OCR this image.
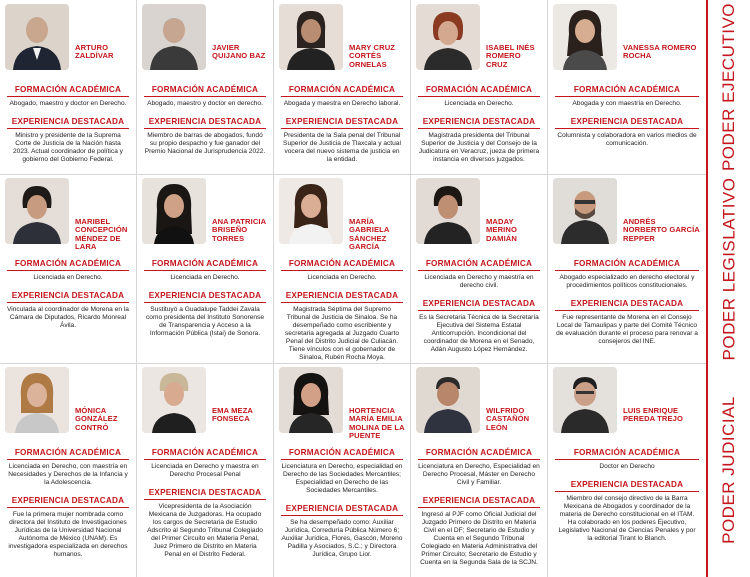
ARTURO ZALDÍVAR
FORMACIÓN ACADÉMICA
Abogado, maestro y doctor en Derecho.
EXPERIENCIA DESTACADA
Ministro y presidente de la Suprema Corte de Justicia de la Nación hasta 2023. Actual coordinador de política y gobierno del Gobierno Federal.
JAVIER QUIJANO BAZ
FORMACIÓN ACADÉMICA
Abogado, maestro y doctor en derecho.
EXPERIENCIA DESTACADA
Miembro de barras de abogados, fundó su propio despacho y fue ganador del Premio Nacional de Jurisprudencia 2022.
MARY CRUZ CORTÉS ORNELAS
FORMACIÓN ACADÉMICA
Abogada y maestra en Derecho laboral.
EXPERIENCIA DESTACADA
Presidenta de la Sala penal del Tribunal Superior de Justicia de Tlaxcala y actual vocera del nuevo sistema de justicia en la entidad.
ISABEL INÉS ROMERO CRUZ
FORMACIÓN ACADÉMICA
Licenciada en Derecho.
EXPERIENCIA DESTACADA
Magistrada presidenta del Tribunal Superior de Justicia y del Consejo de la Judicatura en Veracruz, jueza de primera instancia en diversos juzgados.
VANESSA ROMERO ROCHA
FORMACIÓN ACADÉMICA
Abogada y con maestría en Derecho.
EXPERIENCIA DESTACADA
Columnista y colaboradora en varios medios de comunicación.
MARIBEL CONCEPCIÓN MÉNDEZ DE LARA
FORMACIÓN ACADÉMICA
Licenciada en Derecho.
EXPERIENCIA DESTACADA
Vinculada al coordinador de Morena en la Cámara de Diputados, Ricardo Monreal Ávila.
ANA PATRICIA BRISEÑO TORRES
FORMACIÓN ACADÉMICA
Licenciada en Derecho.
EXPERIENCIA DESTACADA
Sustituyó a Guadalupe Taddei Zavala como presidenta del Instituto Sonorense de Transparencia y Acceso a la Información Pública (Istai) de Sonora.
MARÍA GABRIELA SÁNCHEZ GARCÍA
FORMACIÓN ACADÉMICA
Licenciada en Derecho.
EXPERIENCIA DESTACADA
Magistrada Séptima del Supremo Tribunal de Justicia de Sinaloa. Se ha desempeñado como escribiente y secretaria agregada al Juzgado Cuarto Penal del Distrito Judicial de Culiacán. Tiene vínculos con el gobernador de Sinaloa, Rubén Rocha Moya.
MADAY MERINO DAMIÁN
FORMACIÓN ACADÉMICA
Licenciada en Derecho y maestría en derecho civil.
EXPERIENCIA DESTACADA
Es la Secretaria Técnica de la Secretaría Ejecutiva del Sistema Estatal Anticorrupción. Incondicional del coordinador de Morena en el Senado, Adán Augusto López Hernández.
ANDRÉS NORBERTO GARCÍA REPPER
FORMACIÓN ACADÉMICA
Abogado especializado en derecho electoral y procedimientos políticos constitucionales.
EXPERIENCIA DESTACADA
Fue representante de Morena en el Consejo Local de Tamaulipas y parte del Comité Técnico de evaluación durante el proceso para renovar a consejeros del INE.
MÓNICA GONZÁLEZ CONTRÓ
FORMACIÓN ACADÉMICA
Licenciada en Derecho, con maestría en Necesidades y Derechos de la Infancia y la Adolescencia.
EXPERIENCIA DESTACADA
Fue la primera mujer nombrada como directora del Instituto de Investigaciones Jurídicas de la Universidad Nacional Autónoma de México (UNAM). Es investigadora especializada en derechos humanos.
EMA MEZA FONSECA
FORMACIÓN ACADÉMICA
Licenciada en Derecho y maestra en Derecho Procesal Penal
EXPERIENCIA DESTACADA
Vicepresidenta de la Asociación Mexicana de Juzgadoras. Ha ocupado los cargos de Secretaria de Estudio Adscrito al Segundo Tribunal Colegiado del Primer Circuito en Materia Penal, Juez Primero de Distrito en Materia Penal en el Distrito Federal.
HORTENCIA MARÍA EMILIA MOLINA DE LA PUENTE
FORMACIÓN ACADÉMICA
Licenciatura en Derecho, especialidad en Derecho de las Sociedades Mercantiles; Especialidad en Derecho de las Sociedades Mercantiles.
EXPERIENCIA DESTACADA
Se ha desempeñado como: Auxiliar Jurídica, Correduría Pública Número 6; Auxiliar Jurídica, Flores, Gascón, Moreno Padilla y Asociados, S.C.; y Directora Jurídica, Grupo Lior.
WILFRIDO CASTAÑÓN LEÓN
FORMACIÓN ACADÉMICA
Licenciatura en Derecho, Especialidad en Derecho Procesal, Máster en Derecho Civil y Familiar.
EXPERIENCIA DESTACADA
Ingresó al PJF como Oficial Judicial del Juzgado Primero de Distrito en Materia Civil en el DF; Secretario de Estudio y Cuenta en el Segundo Tribunal Colegiado en Materia Administrativa del Primer Circuito; Secretario de Estudio y Cuenta en la Segunda Sala de la SCJN.
LUIS ENRIQUE PEREDA TREJO
FORMACIÓN ACADÉMICA
Doctor en Derecho
EXPERIENCIA DESTACADA
Miembro del consejo directivo de la Barra Mexicana de Abogados y coordinador de la materia de Derecho constitucional en el ITAM. Ha colaborado en los poderes Ejecutivo, Legislativo Nacional de Ciencias Penales y por la editorial Tirant lo Blanch.
PODER EJECUTIVO
PODER LEGISLATIVO
PODER JUDICIAL
